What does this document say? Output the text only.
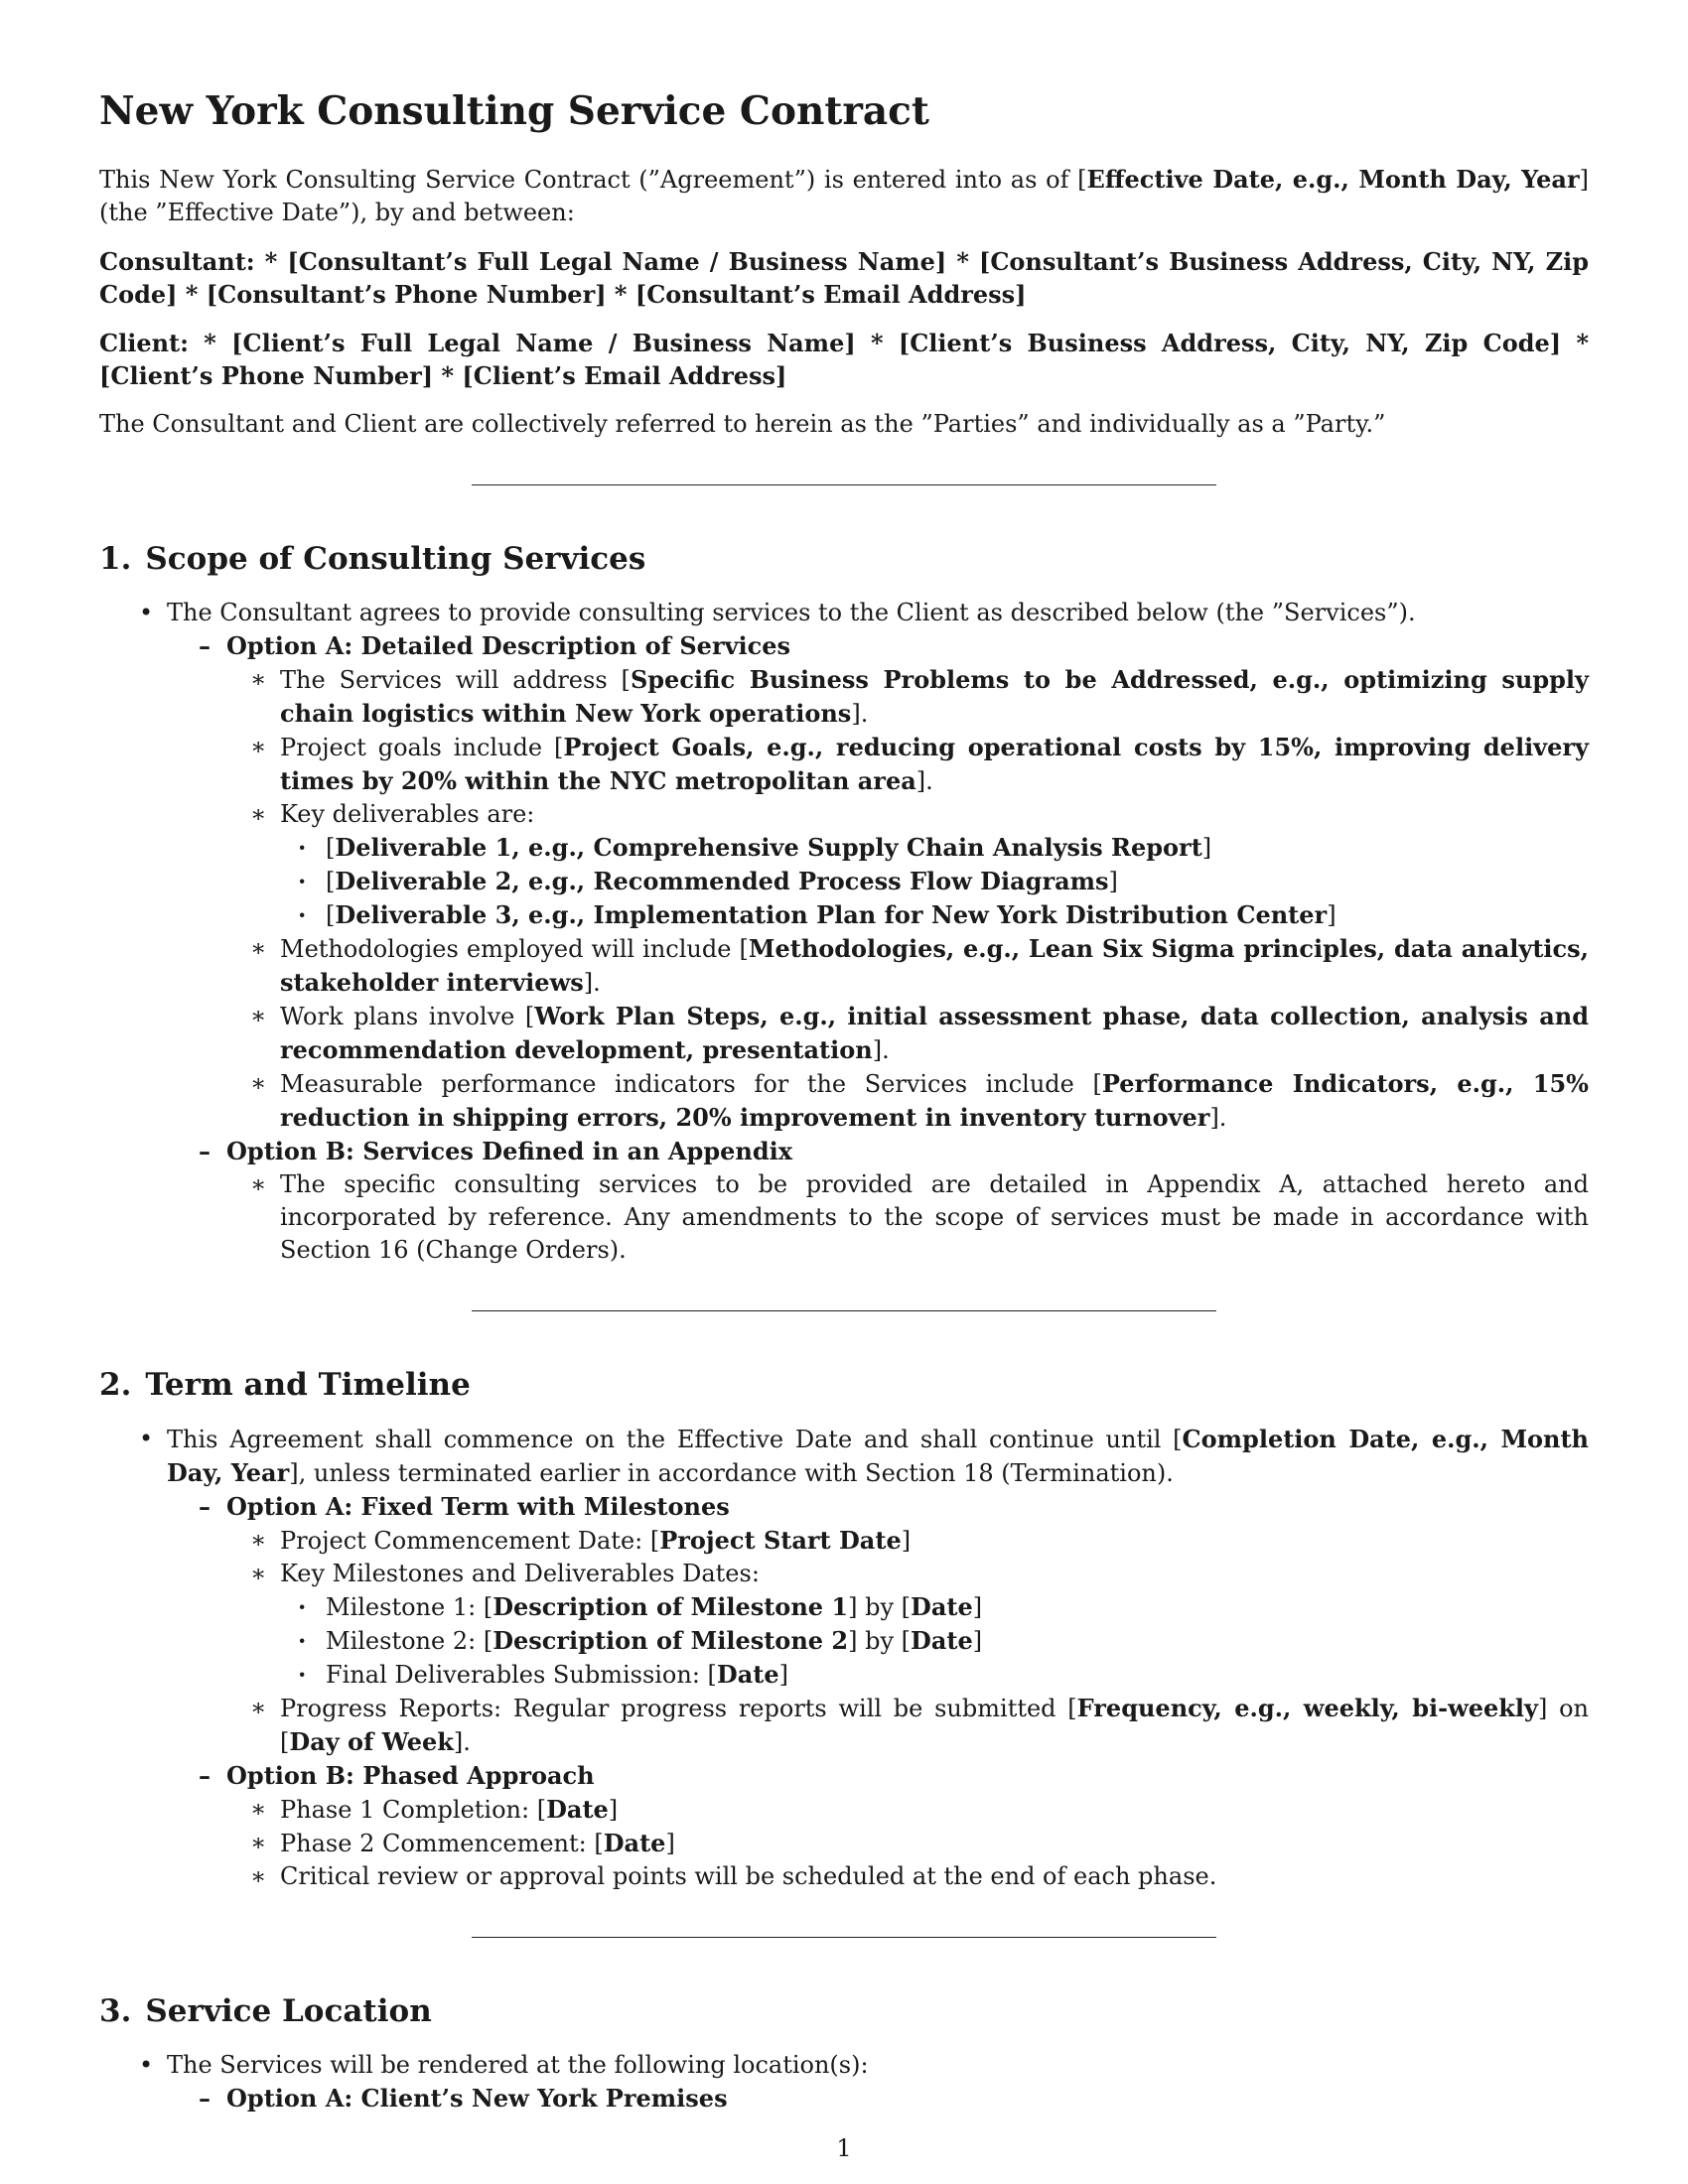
New York Consulting Service Contract

This New York Consulting Service Contract (”Agreement”) is entered into as of [Effective Date, e.g., Month Day, Year] (the ”Effective Date”), by and between:

Consultant: * [Consultant’s Full Legal Name / Business Name] * [Consultant’s Business Address, City, NY, Zip Code] * [Consultant’s Phone Number] * [Consultant’s Email Address]

Client: * [Client’s Full Legal Name / Business Name] * [Client’s Business Address, City, NY, Zip Code] * [Client’s Phone Number] * [Client’s Email Address]

The Consultant and Client are collectively referred to herein as the ”Parties” and individually as a ”Party.”

1. Scope of Consulting Services
• The Consultant agrees to provide consulting services to the Client as described below (the ”Services”).
– Option A: Detailed Description of Services
∗ The Services will address [Specific Business Problems to be Addressed, e.g., optimizing supply chain logistics within New York operations].
∗ Project goals include [Project Goals, e.g., reducing operational costs by 15%, improving delivery times by 20% within the NYC metropolitan area].
∗ Key deliverables are:
· [Deliverable 1, e.g., Comprehensive Supply Chain Analysis Report]
· [Deliverable 2, e.g., Recommended Process Flow Diagrams]
· [Deliverable 3, e.g., Implementation Plan for New York Distribution Center]
∗ Methodologies employed will include [Methodologies, e.g., Lean Six Sigma principles, data analytics, stakeholder interviews].
∗ Work plans involve [Work Plan Steps, e.g., initial assessment phase, data collection, analysis and recommendation development, presentation].
∗ Measurable performance indicators for the Services include [Performance Indicators, e.g., 15% reduction in shipping errors, 20% improvement in inventory turnover].
– Option B: Services Defined in an Appendix
∗ The specific consulting services to be provided are detailed in Appendix A, attached hereto and incorporated by reference. Any amendments to the scope of services must be made in accordance with Section 16 (Change Orders).
2. Term and Timeline
• This Agreement shall commence on the Effective Date and shall continue until [Completion Date, e.g., Month Day, Year], unless terminated earlier in accordance with Section 18 (Termination).
– Option A: Fixed Term with Milestones
∗ Project Commencement Date: [Project Start Date]
∗ Key Milestones and Deliverables Dates:
· Milestone 1: [Description of Milestone 1] by [Date]
· Milestone 2: [Description of Milestone 2] by [Date]
· Final Deliverables Submission: [Date]
∗ Progress Reports: Regular progress reports will be submitted [Frequency, e.g., weekly, bi-weekly] on [Day of Week].
– Option B: Phased Approach
∗ Phase 1 Completion: [Date]
∗ Phase 2 Commencement: [Date]
∗ Critical review or approval points will be scheduled at the end of each phase.
3. Service Location
• The Services will be rendered at the following location(s):
– Option A: Client’s New York Premises
1
